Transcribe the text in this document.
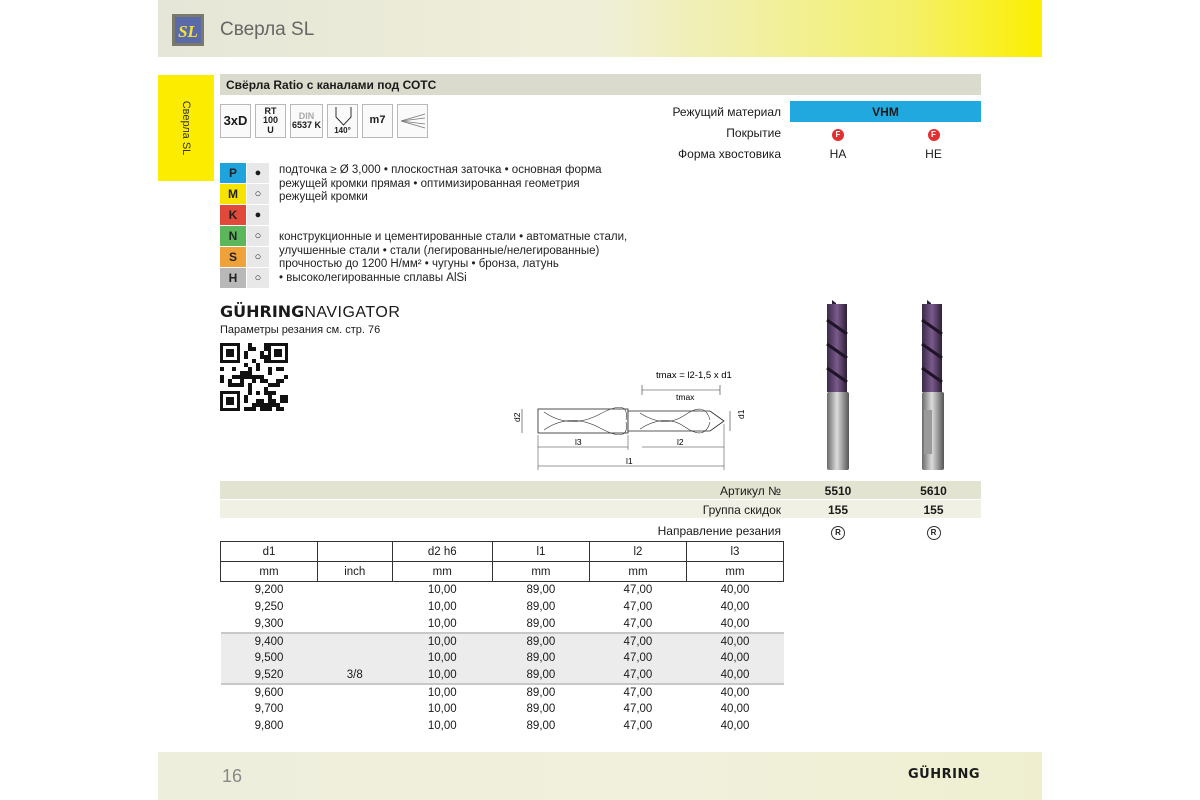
SL Сверла SL
Сверла SL
Свёрла Ratio с каналами под СОТС
3xD
RT 100
U
DIN
6537 K
140°
m7
Режущий материал	VHM
Покрытие	F	F
Форма хвостовика	HA	HE
P	●
M	○
K	●
N	○
S	○
H	○
подточка ≥ Ø 3,000 • плоскостная заточка • основная форма
режущей кромки прямая • оптимизированная геометрия
режущей кромки
конструкционные и цементированные стали • автоматные стали,
улучшенные стали • стали (легированные/нелегированные)
прочностью до 1200 Н/мм² • чугуны • бронза, латунь
• высоколегированные сплавы AlSi
GÜHRINGNAVIGATOR
Параметры резания см. стр. 76
tmax = l2-1,5 x d1
tmax
d2	d1
l3	l2
l1
Артикул №	5510	5610
Группа скидок	155	155
Направление резания	R	R
d1		d2 h6	l1	l2	l3
mm	inch	mm	mm	mm	mm
9,200		10,00	89,00	47,00	40,00
9,250		10,00	89,00	47,00	40,00
9,300		10,00	89,00	47,00	40,00
9,400		10,00	89,00	47,00	40,00
9,500		10,00	89,00	47,00	40,00
9,520	3/8	10,00	89,00	47,00	40,00
9,600		10,00	89,00	47,00	40,00
9,700		10,00	89,00	47,00	40,00
9,800		10,00	89,00	47,00	40,00
16	GÜHRING
